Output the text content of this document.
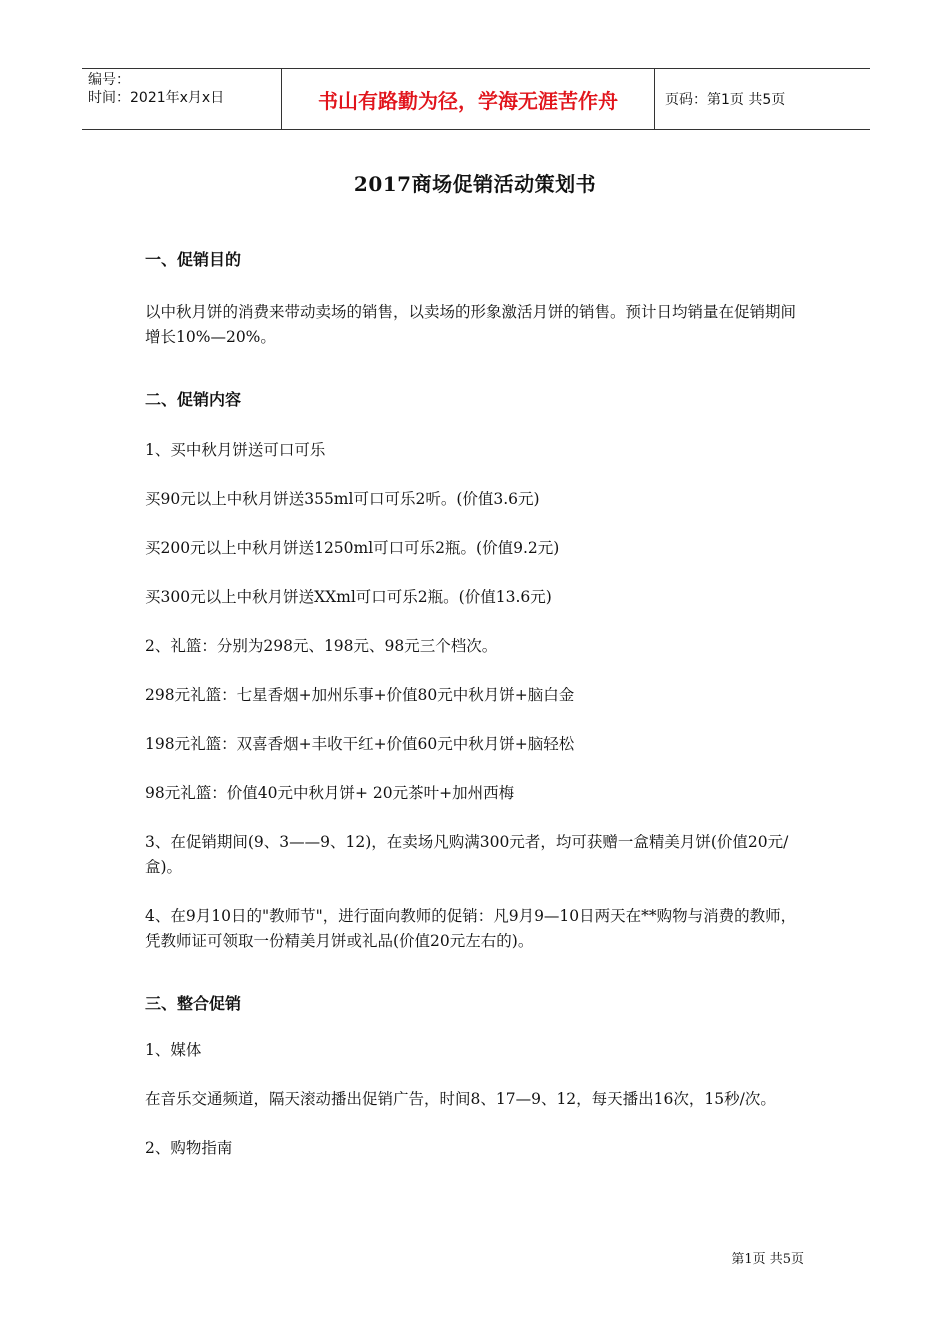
编号：
时间：2021年x月x日	书山有路勤为径，学海无涯苦作舟	页码：第1页 共5页
2017商场促销活动策划书
一、促销目的
以中秋月饼的消费来带动卖场的销售，以卖场的形象激活月饼的销售。预计日均销量在促销期间增长10%—20%。
二、促销内容
1、买中秋月饼送可口可乐
买90元以上中秋月饼送355ml可口可乐2听。(价值3.6元)
买200元以上中秋月饼送1250ml可口可乐2瓶。(价值9.2元)
买300元以上中秋月饼送XXml可口可乐2瓶。(价值13.6元)
2、礼篮：分别为298元、198元、98元三个档次。
298元礼篮：七星香烟+加州乐事+价值80元中秋月饼+脑白金
198元礼篮：双喜香烟+丰收干红+价值60元中秋月饼+脑轻松
98元礼篮：价值40元中秋月饼+ 20元茶叶+加州西梅
3、在促销期间(9、3——9、12)，在卖场凡购满300元者，均可获赠一盒精美月饼(价值20元/盒)。
4、在9月10日的"教师节"，进行面向教师的促销：凡9月9—10日两天在**购物与消费的教师，凭教师证可领取一份精美月饼或礼品(价值20元左右的)。
三、整合促销
1、媒体
在音乐交通频道，隔天滚动播出促销广告，时间8、17—9、12，每天播出16次，15秒/次。
2、购物指南
第1页 共5页
